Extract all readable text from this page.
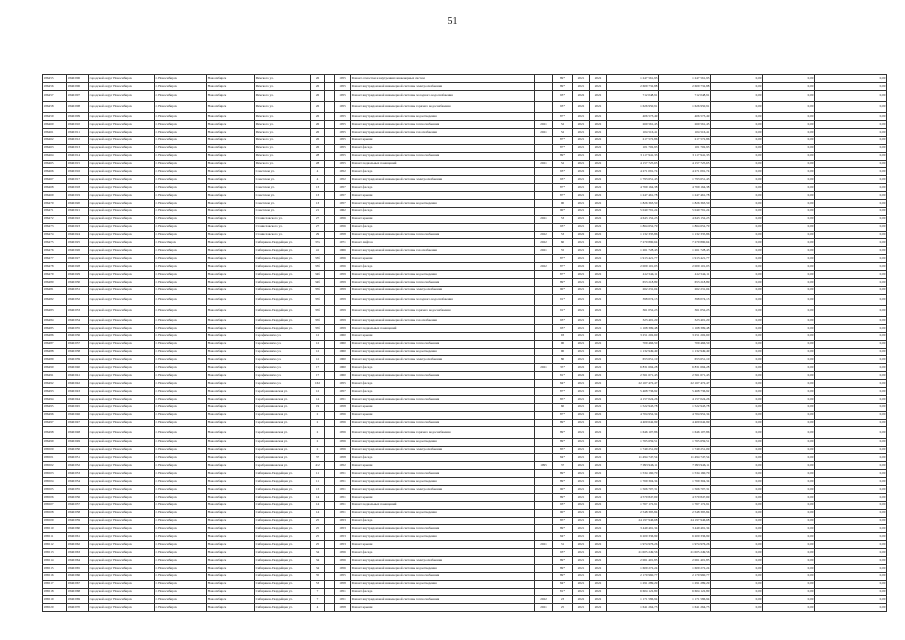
51
186455	1846/006	городской округ Новосибирск	г. Новосибирск	Новосибирск	Римского ул.	26		1955	Ремонт отмостки и внутренних инженерных систем		89*	2021	2022	1 247 561,93	1 247 561,93	0,00	0,00	0,00
186456	1846/006	городской округ Новосибирск	г. Новосибирск	Новосибирск	Римского ул.	26		1955	Ремонт внутридомовой инженерной системы электроснабжения		89*	2021	2022	2 609 732,88	2 609 732,88	0,00	0,00	0,00
186457	1846/007	городской округ Новосибирск	г. Новосибирск	Новосибирск	Римского ул.	26		1955	Ремонт внутридомовой инженерной системы холодного водоснабжения		93*	2022	2022	712 048,91	712 048,91	0,00	0,00	0,00
186458	1846/008	городской округ Новосибирск	г. Новосибирск	Новосибирск	Римского ул.	26		1955	Ремонт внутридомовой инженерной системы горячего водоснабжения		93*	2022	2022	1 626 950,91	1 626 950,91	0,00	0,00	0,00
186459	1846/009	городской округ Новосибирск	г. Новосибирск	Новосибирск	Римского ул.	26		1955	Ремонт внутридомовой инженерной системы водоотведения		87*	2021	2022	406 573,49	406 573,49	0,00	0,00	0,00
186460	1846/010	городской округ Новосибирск	г. Новосибирск	Новосибирск	Римского ул.	26		1955	Ремонт внутридомовой инженерной системы теплоснабжения	2021	52	2021	2022	260 561,45	260 561,45	0,00	0,00	0,00
186461	1846/011	городской округ Новосибирск	г. Новосибирск	Новосибирск	Римского ул.	26		1955	Ремонт внутридомовой инженерной системы газоснабжения	2021	52	2021	2022	104 516,41	104 516,41	0,00	0,00	0,00
186462	1846/012	городской округ Новосибирск	г. Новосибирск	Новосибирск	Римского ул.	26		1955	Ремонт крыши		87*	2021	2022	217 572,86	217 572,86	0,00	0,00	0,00
186463	1846/013	городской округ Новосибирск	г. Новосибирск	Новосибирск	Римского ул.	26		1955	Ремонт фасада		87*	2021	2022	101 702,93	101 702,93	0,00	0,00	0,00
186464	1846/014	городской округ Новосибирск	г. Новосибирск	Новосибирск	Римского ул.	28		1955	Ремонт внутридомовой инженерной системы теплоснабжения		89*	2021	2022	3 117 941,33	3 117 941,33	0,00	0,00	0,00
186465	1846/015	городской округ Новосибирск	г. Новосибирск	Новосибирск	Римского ул.	28		1955	Ремонт подвальных помещений	2021	52	2021	2022	4 157 725,65	4 157 725,65	0,00	0,00	0,00
186466	1846/016	городской округ Новосибирск	г. Новосибирск	Новосибирск	Советская ул.	4		1952	Ремонт фасада		93*	2022	2022	4 271 091,74	4 271 091,74	0,00	0,00	0,00
186467	1846/017	городской округ Новосибирск	г. Новосибирск	Новосибирск	Советская ул.	4		1952	Ремонт внутридомовой инженерной системы электроснабжения		93*	2021	2022	1 793 651,43	1 793 651,43	0,00	0,00	0,00
186468	1846/018	городской округ Новосибирск	г. Новосибирск	Новосибирск	Советская ул.	13		1957	Ремонт фасада		87*	2021	2022	4 769 164,38	4 769 164,38	0,00	0,00	0,00
186469	1846/019	городской округ Новосибирск	г. Новосибирск	Новосибирск	Советская ул.	13		1957	Ремонт крыши		87*	2021	2022	1 247 461,78	1 247 461,78	0,00	0,00	0,00
186470	1846/020	городской округ Новосибирск	г. Новосибирск	Новосибирск	Советская ул.	13		1957	Ремонт внутридомовой инженерной системы водоотведения		90	2021	2022	1 826 363,50	1 826 363,50	0,00	0,00	0,00
186471	1846/021	городской округ Новосибирск	г. Новосибирск	Новосибирск	Советская ул.	21		1962	Ремонт фасада		90*	2021	2022	5 040 791,24	5 040 791,24	0,00	0,00	0,00
186472	1846/022	городской округ Новосибирск	г. Новосибирск	Новосибирск	Станиславского ул.	27		1956	Ремонт крыши	2021	53	2021	2022	4 643 152,23	4 643 152,23	0,00	0,00	0,00
186473	1846/023	городской округ Новосибирск	г. Новосибирск	Новосибирск	Станиславского ул.	27		1956	Ремонт фасада		93*	2021	2022	1 864 652,79	1 864 652,79	0,00	0,00	0,00
186474	1846/024	городской округ Новосибирск	г. Новосибирск	Новосибирск	Станиславского ул.	29		1958	Ремонт внутридомовой инженерной системы теплоснабжения	2022	53	2022	2022	1 132 335,86	1 132 335,86	0,00	0,00	0,00
186475	1846/025	городской округ Новосибирск	г. Новосibирск	Новосибирск	Сибиряков-Гвардейцев ул.	37а		1971	Ремонт лифтов	2022	60	2021	2022	7 270 890,64	7 270 890,64	0,00	0,00	0,00
186476	1846/026	городской округ Новосибирск	г. Новосибирск	Новосибирск	Сибиряков-Гвардейцев ул.	41		1966	Ремонт внутридомовой инженерной системы газоснабжения	2021	55	2021	2022	1 261 728,43	1 261 728,43	0,00	0,00	0,00
186477	1846/027	городской округ Новосибирск	г. Новосибирск	Новосибирск	Сибиряков-Гвардейцев ул.	33б		1956	Ремонт крыши		87*	2021	2022	1 913 421,77	1 913 421,77	0,00	0,00	0,00
186478	1846/028	городской округ Новосибирск	г. Новосибирск	Новосибирск	Сибиряков-Гвардейцев ул.	33б		1956	Ремонт фасада	2022	87*	2022	2022	2 009 101,03	2 009 101,03	0,00	0,00	0,00
186479	1846/029	городской округ Новосибирск	г. Новосибирск	Новосибирск	Сибиряков-Гвардейцев ул.	34б		1959	Ремонт внутридомовой инженерной системы водоотведения		87*	2021	2022	412 544,11	412 544,11	0,00	0,00	0,00
186480	1846/030	городской округ Новосибирск	г. Новосибирск	Новосибирск	Сибиряков-Гвардейцев ул.	34б		1959	Ремонт внутридомовой инженерной системы теплоснабжения		89*	2021	2022	653 218,89	653 218,89	0,00	0,00	0,00
186481	1846/031	городской округ Новосибирск	г. Новосибирск	Новосибирск	Сибиряков-Гвардейцев ул.	35б		1959	Ремонт внутридомовой инженерной системы электроснабжения		90*	2021	2022	262 231,04	262 231,04	0,00	0,00	0,00
186482	1846/032	городской округ Новосибирск	г. Новосибирск	Новосибирск	Сибиряков-Гвардейцев ул.	35б		1959	Ремонт внутридомовой инженерной системы холодного водоснабжения		91*	2021	2022	398 074,13	398 074,13	0,00	0,00	0,00
186483	1846/033	городской округ Новосибирск	г. Новосибирск	Новосибирск	Сибиряков-Гвардейцев ул.	35б		1959	Ремонт внутридомовой инженерной системы горячего водоснабжения		91*	2021	2022	361 052,23	361 052,23	0,00	0,00	0,00
186484	1846/034	городской округ Новосибирск	г. Новосибирск	Новосибирск	Сибиряков-Гвардейцев ул.	35б		1959	Ремонт внутридомовой инженерной системы газоснабжения		93*	2021	2022	323 401,20	323 401,20	0,00	0,00	0,00
186485	1846/035	городской округ Новосибирск	г. Новосибирск	Новосибирск	Сибиряков-Гвардейцев ул.	35б		1959	Ремонт подвальных помещений		93*	2021	2022	1 168 399,48	1 168 399,48	0,00	0,00	0,00
186486	1846/036	городской округ Новосибирск	г. Новосибирск	Новосибирск	Серафимовича ул.	12		1960	Ремонт крыши		93	2021	2022	3 251 202,60	3 251 202,60	0,00	0,00	0,00
186487	1846/037	городской округ Новосибирск	г. Новосибирск	Новосибирск	Серафимовича ул.	12		1960	Ремонт внутридомовой инженерной системы теплоснабжения		90	2021	2022	709 466,50	709 466,50	0,00	0,00	0,00
186488	1846/038	городской округ Новосибирск	г. Новосибирск	Новосибирск	Серафимовича ул.	12		1960	Ремонт внутридомовой инженерной системы водоотведения		90	2021	2022	1 132 949,49	1 132 949,49	0,00	0,00	0,00
186489	1846/039	городской округ Новосибирск	г. Новосибирск	Новосибирск	Серафимовича ул.	12		1960	Ремонт внутридомовой инженерной системы электроснабжения		80	2021	2022	653 651,10	653 651,10	0,00	0,00	0,00
186490	1846/040	городской округ Новосибирск	г. Новосибирск	Новосибирск	Серафимовича ул.	17		1960	Ремонт фасада	2021	35*	2022	2022	6 831 694,28	6 831 694,28	0,00	0,00	0,00
186491	1846/041	городской округ Новосибирск	г. Новосибирск	Новосибирск	Серафимовича ул.	17		1960	Ремонт внутридомовой инженерной системы теплоснабжения		81*	2022	2022	2 561 671,43	2 561 671,43	0,00	0,00	0,00
186492	1846/042	городской округ Новосибирск	г. Новосибирск	Новосибирск	Серафимовича ул.	162		1955	Ремонт фасада		84*	2021	2022	22 167 472,47	22 167 472,47	0,00	0,00	0,00
186493	1846/043	городской округ Новосибирск	г. Новосибирск	Новосибирск	Серебренниковская ул.	12		1957	Ремонт фасада		87*	2021	2022	5 468 736,92	5 468 736,92	0,00	0,00	0,00
186494	1846/044	городской округ Новосибирск	г. Новосибирск	Новосибирск	Серебренниковская ул.	14		1951	Ремонт внутридомовой инженерной системы теплоснабжения		85*	2021	2022	4 157 024,26	4 157 024,26	0,00	0,00	0,00
186495	1846/045	городской округ Новосибирск	г. Новосибирск	Новосибирск	Серебренниковская ул.	19		1958	Ремонт крыши		60	2021	2022	1 522 943,78	1 522 943,78	0,00	0,00	0,00
186496	1846/046	городской округ Новосибирск	г. Новосибирск	Новосибирск	Серебренниковская ул.	2		1956	Ремонт крыши		87*	2021	2022	4 704 952,34	4 704 952,34	0,00	0,00	0,00
186497	1846/047	городской округ Новосибирск	г. Новосибирск	Новосибирск	Серебренниковская ул.	2		1956	Ремонт внутридомовой инженерной системы теплоснабжения		89*	2021	2022	4 400 642,99	4 400 642,99	0,00	0,00	0,00
186498	1846/048	городской округ Новосибирск	г. Новосибирск	Новосибирск	Серебренниковская ул.	2		1956	Ремонт внутридомовой инженерной системы горячего водоснабжения		89*	2021	2022	1 646 107,86	1 646 107,86	0,00	0,00	0,00
186499	1846/049	городской округ Новосибирск	г. Новосибирск	Новосибирск	Серебренниковская ул.	2		1956	Ремонт внутридомовой инженерной системы водоотведения		89*	2021	2022	1 765 659,51	1 765 659,51	0,00	0,00	0,00
186500	1846/050	городской округ Новосибирск	г. Новосибирск	Новосибирск	Серебренниковская ул.	2		1956	Ремонт внутридомовой инженерной системы электроснабжения		85*	2021	2022	1 749 251,09	1 749 251,09	0,00	0,00	0,00
186501	1846/051	городской округ Новосибирск	г. Новосибирск	Новосибирск	Серебренниковская ул.	37		1958	Ремонт фасада		84*	2021	2022	11 494 747,54	11 494 747,54	0,00	0,00	0,00
186502	1846/052	городской округ Новосибирск	г. Новосибирск	Новосибирск	Серебренниковская ул.	4/2		1952	Ремонт крыши	1995	37	2021	2022	7 093 946,11	7 093 946,11	0,00	0,00	0,00
186503	1846/053	городской округ Новосибирск	г. Новосибирск	Новосибирск	Сибиряков-Гвардейцев ул.	11		1951	Ремонт внутридомовой инженерной системы теплоснабжения		89*	2021	2022	1 534 160,70	1 534 160,70	0,00	0,00	0,00
186504	1846/054	городской округ Новосибирск	г. Новосибирск	Новосибирск	Сибиряков-Гвардейцев ул.	11		1951	Ремонт внутридомовой инженерной системы водоотведения		89*	2021	2022	1 769 304,34	1 769 304,34	0,00	0,00	0,00
186505	1846/055	городской округ Новосибирск	г. Новосибирск	Новосибирск	Сибиряков-Гвардейцев ул.	13		1951	Ремонт внутридомовой инженерной системы электроснабжения		90*	2021	2022	1 566 707,31	1 566 707,31	0,00	0,00	0,00
186506	1846/056	городской округ Новосибирск	г. Новосибирск	Новосибирск	Сибиряков-Гвардейцев ул.	14		1951	Ремонт крыши		89*	2021	2022	4 570 847,69	4 570 847,69	0,00	0,00	0,00
186507	1846/057	городской округ Новосибирск	г. Новосибирск	Новосибирск	Сибиряков-Гвардейцев ул.	14		1951	Ремонт подвальных помещений		93*	2021	2022	1 767 172,91	1 767 172,91	0,00	0,00	0,00
186508	1846/058	городской округ Новосибирск	г. Новосибирск	Новосибирск	Сибиряков-Гвардейцев ул.	14		1951	Ремонт внутридомовой инженерной системы водоотведения		90*	2021	2022	2 548 395,84	2 548 395,84	0,00	0,00	0,00
186509	1846/059	городской округ Новосибирск	г. Новосибирск	Новосибирск	Сибиряков-Гвардейцев ул.	25		1953	Ремонт фасада		85*	2021	2022	24 197 946,68	24 197 946,68	0,00	0,00	0,00
186510	1846/060	городской округ Новосибирск	г. Новосибирск	Новосибирск	Сибиряков-Гвардейцев ул.	25		1953	Ремонт внутридомовой инженерной системы теплоснабжения		89*	2021	2022	3 449 491,34	3 449 491,34	0,00	0,00	0,00
186511	1846/061	городской округ Новосибирск	г. Новосибирск	Новосибирск	Сибиряков-Гвардейцев ул.	25		1953	Ремонт внутридомовой инженерной системы водоотведения		84*	2021	2022	6 200 336,99	6 200 336,99	0,00	0,00	0,00
186512	1846/062	городской округ Новосибирск	г. Новосибирск	Новосибирск	Сибиряков-Гвардейцев ул.	25		1953	Ремонт крыши	2021	31	2021	2022	1 974 976,26	1 974 976,26	0,00	0,00	0,00
186513	1846/063	городской округ Новосибирск	г. Новосибирск	Новосибирск	Сибиряков-Гвардейцев ул.	34		1956	Ремонт фасада		93*	2021	2022	21 605 249,56	21 605 249,56	0,00	0,00	0,00
186514	1846/064	городской округ Новосибирск	г. Новосибирск	Новосибирск	Сибиряков-Гвардейцев ул.	34		1956	Ремонт внутридомовой инженерной системы электроснабжения		89*	2021	2022	2 061 401,85	2 061 401,85	0,00	0,00	0,00
186515	1846/065	городской округ Новосибирск	г. Новосибирск	Новосибирск	Сибиряков-Гвардейцев ул.	34		1956	Ремонт внутридомовой инженерной системы водоотведения		89*	2021	2022	1 609 272,24	1 609 272,24	0,00	0,00	0,00
186516	1846/066	городской округ Новосибирск	г. Новосибирск	Новосибирск	Сибиряков-Гвардейцев ул.	35		1955	Ремонт внутридомовой инженерной системы теплоснабжения		89*	2021	2022	2 170 960,77	2 170 960,77	0,00	0,00	0,00
186517	1846/067	городской округ Новосибирск	г. Новосибирск	Новосибирск	Сибиряков-Гвардейцев ул.	53		1958	Ремонт внутридомовой инженерной системы водоотведения		84*	2021	2022	1 291 289,29	1 291 289,29	0,00	0,00	0,00
186518	1846/068	городской округ Новосибирск	г. Новосибирск	Новосибирск	Сибиряков-Гвардейцев ул.	7		1951	Ремонт фасада		81*	2021	2022	6 604 122,80	6 604 122,80	0,00	0,00	0,00
186519	1846/069	городской округ Новосибирск	г. Новосибирск	Новосибирск	Сибиряков-Гвардейцев ул.	7		1951	Ремонт внутридомовой инженерной системы теплоснабжения	2022	23	2022	2022	1 171 586,94	1 171 586,94	0,00	0,00	0,00
186520	1846/070	городской округ Новосибирск	г. Новосибирск	Новосибирск	Сибиряков-Гвардейцев ул.	4		1958	Ремонт крыши	2021	25	2021	2022	1 641 264,73	1 641 264,73	0,00	0,00	0,00
